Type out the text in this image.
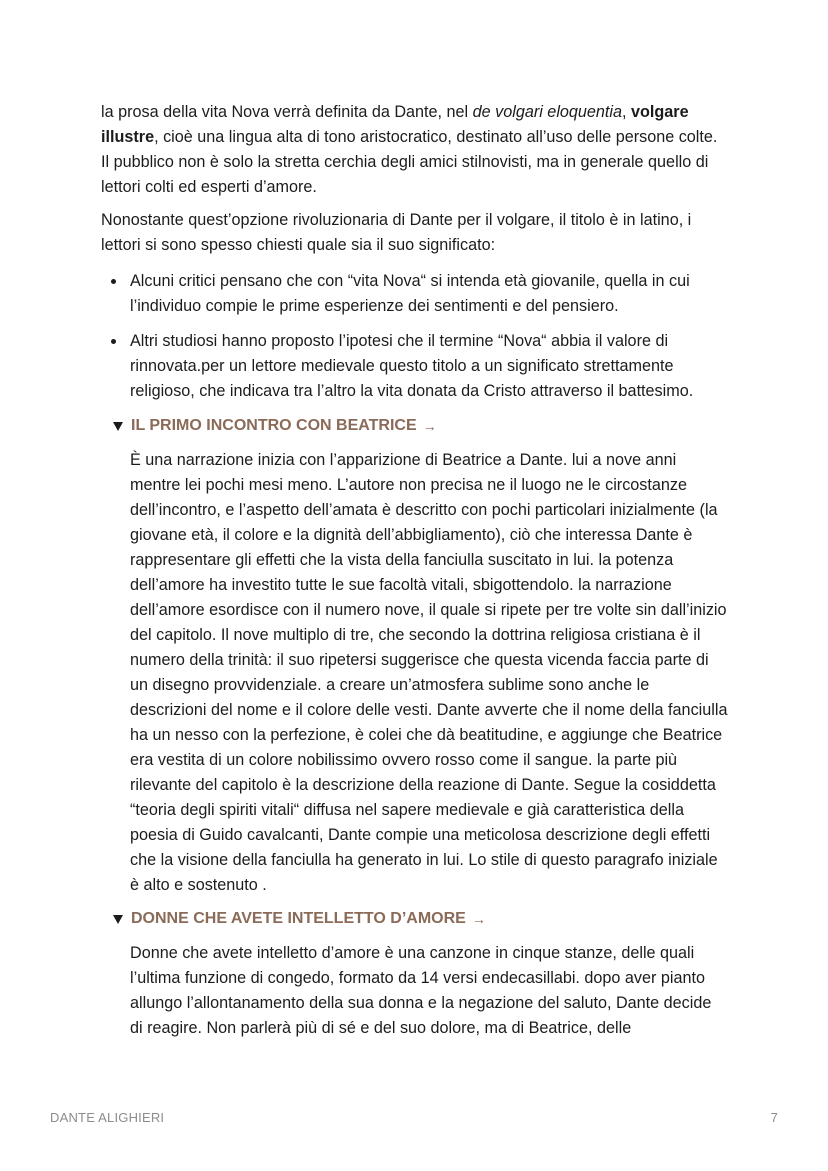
la prosa della vita Nova verrà definita da Dante, nel de volgari eloquentia, volgare illustre, cioè una lingua alta di tono aristocratico, destinato all’uso delle persone colte. Il pubblico non è solo la stretta cerchia degli amici stilnovisti, ma in generale quello di lettori colti ed esperti d’amore.

Nonostante quest’opzione rivoluzionaria di Dante per il volgare, il titolo è in latino, i lettori si sono spesso chiesti quale sia il suo significato:

Alcuni critici pensano che con “vita Nova“ si intenda età giovanile, quella in cui l’individuo compie le prime esperienze dei sentimenti e del pensiero.
Altri studiosi hanno proposto l’ipotesi che il termine “Nova“ abbia il valore di rinnovata.per un lettore medievale questo titolo a un significato strettamente religioso, che indicava tra l’altro la vita donata da Cristo attraverso il battesimo.
IL PRIMO INCONTRO CON BEATRICE →

È una narrazione inizia con l’apparizione di Beatrice a Dante. lui a nove anni mentre lei pochi mesi meno. L’autore non precisa ne il luogo ne le circostanze dell’incontro, e l’aspetto dell’amata è descritto con pochi particolari inizialmente (la giovane età, il colore e la dignità dell’abbigliamento), ciò che interessa Dante è rappresentare gli effetti che la vista della fanciulla suscitato in lui. la potenza dell’amore ha investito tutte le sue facoltà vitali, sbigottendolo. la narrazione dell’amore esordisce con il numero nove, il quale si ripete per tre volte sin dall’inizio del capitolo. Il nove multiplo di tre, che secondo la dottrina religiosa cristiana è il numero della trinità: il suo ripetersi suggerisce che questa vicenda faccia parte di un disegno provvidenziale. a creare un’atmosfera sublime sono anche le descrizioni del nome e il colore delle vesti. Dante avverte che il nome della fanciulla ha un nesso con la perfezione, è colei che dà beatitudine, e aggiunge che Beatrice era vestita di un colore nobilissimo ovvero rosso come il sangue. la parte più rilevante del capitolo è la descrizione della reazione di Dante. Segue la cosiddetta “teoria degli spiriti vitali“ diffusa nel sapere medievale e già caratteristica della poesia di Guido cavalcanti, Dante compie una meticolosa descrizione degli effetti che la visione della fanciulla ha generato in lui. Lo stile di questo paragrafo iniziale è alto e sostenuto .

DONNE CHE AVETE INTELLETTO D’AMORE →

Donne che avete intelletto d’amore è una canzone in cinque stanze, delle quali l’ultima funzione di congedo, formato da 14 versi endecasillabi. dopo aver pianto allungo l’allontanamento della sua donna e la negazione del saluto, Dante decide di reagire. Non parlerà più di sé e del suo dolore, ma di Beatrice, delle

DANTE ALIGHIERI	7
